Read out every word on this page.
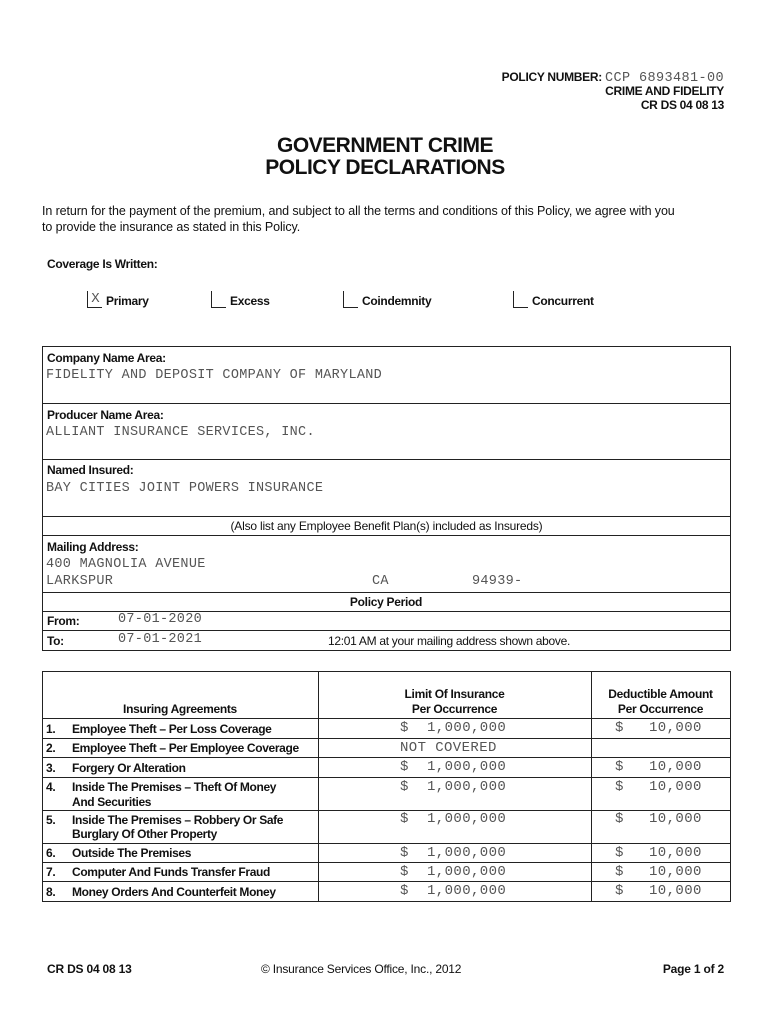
POLICY NUMBER: CCP 6893481-00
CRIME AND FIDELITY
CR DS 04 08 13
GOVERNMENT CRIME
POLICY DECLARATIONS
In return for the payment of the premium, and subject to all the terms and conditions of this Policy, we agree with you
to provide the insurance as stated in this Policy.
Coverage Is Written:
X Primary	Excess	Coindemnity	Concurrent
Company Name Area:
FIDELITY AND DEPOSIT COMPANY OF MARYLAND
Producer Name Area:
ALLIANT INSURANCE SERVICES, INC.
Named Insured:
BAY CITIES JOINT POWERS INSURANCE
(Also list any Employee Benefit Plan(s) included as Insureds)
Mailing Address:
400 MAGNOLIA AVENUE
LARKSPUR	CA	94939-
Policy Period
From:	07-01-2020
To:	07-01-2021	12:01 AM at your mailing address shown above.
Insuring Agreements
Limit Of Insurance
Per Occurrence
Deductible Amount
Per Occurrence
1. Employee Theft – Per Loss Coverage	$ 1,000,000	$ 10,000
2. Employee Theft – Per Employee Coverage	NOT COVERED
3. Forgery Or Alteration	$ 1,000,000	$ 10,000
4. Inside The Premises – Theft Of Money
And Securities
$ 1,000,000	$ 10,000
5. Inside The Premises – Robbery Or Safe
Burglary Of Other Property
$ 1,000,000	$ 10,000
6. Outside The Premises	$ 1,000,000	$ 10,000
7. Computer And Funds Transfer Fraud	$ 1,000,000	$ 10,000
8. Money Orders And Counterfeit Money	$ 1,000,000	$ 10,000
CR DS 04 08 13	© Insurance Services Office, Inc., 2012	Page 1 of 2
